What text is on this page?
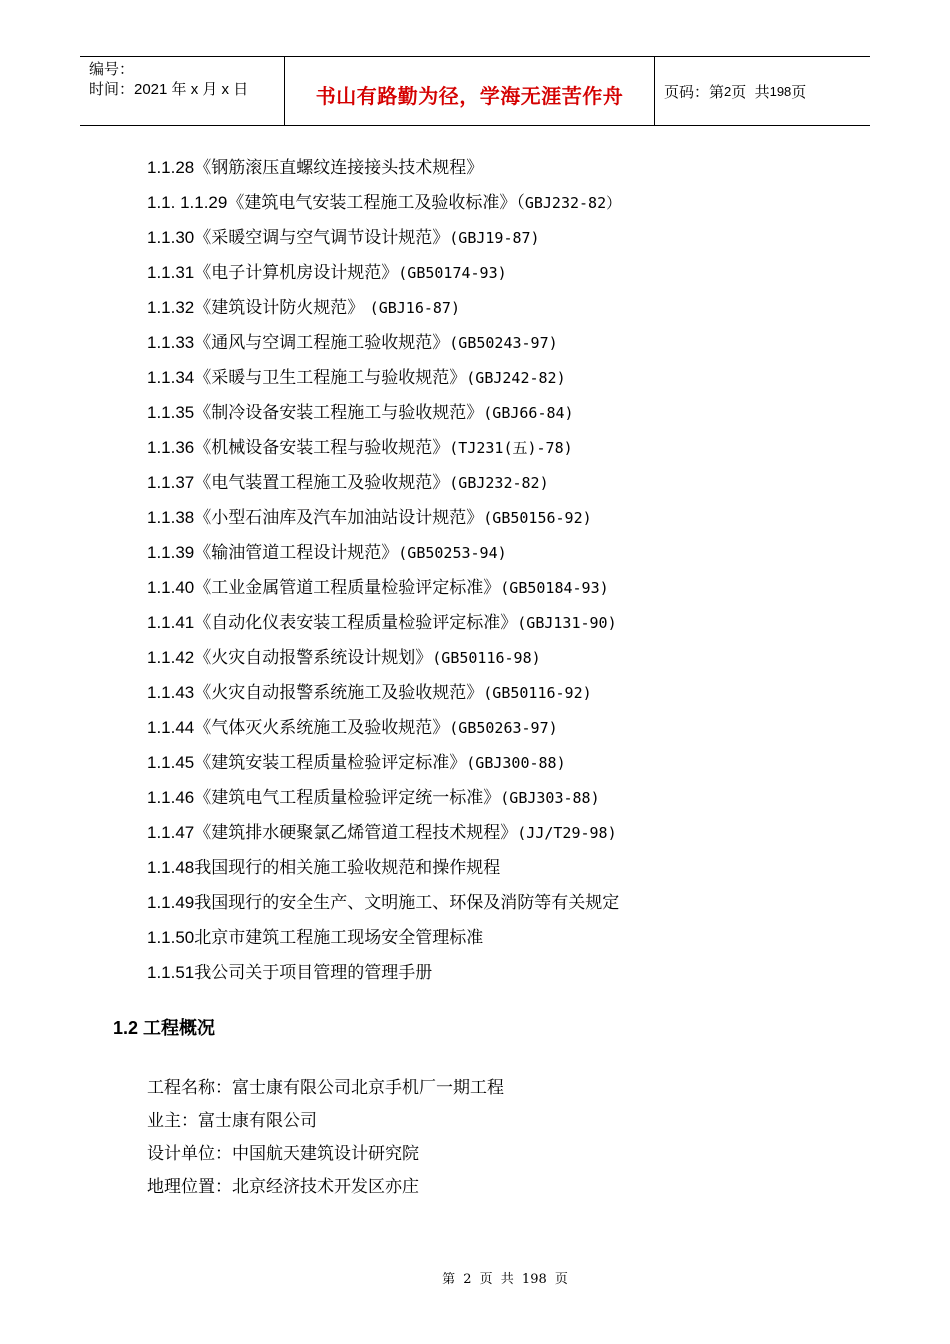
编号：
时间：2021 年 x 月 x 日	书山有路勤为径，学海无涯苦作舟	页码：第 2 页  共 198 页
1.1.28《钢筋滚压直螺纹连接接头技术规程》
1.1. 1.1.29《建筑电气安装工程施工及验收标准》（GBJ232-82）
1.1.30《采暖空调与空气调节设计规范》(GBJ19-87)
1.1.31《电子计算机房设计规范》(GB50174-93)
1.1.32《建筑设计防火规范》 (GBJ16-87)
1.1.33《通风与空调工程施工验收规范》(GB50243-97)
1.1.34《采暖与卫生工程施工与验收规范》(GBJ242-82)
1.1.35《制冷设备安装工程施工与验收规范》(GBJ66-84)
1.1.36《机械设备安装工程与验收规范》(TJ231(五)-78)
1.1.37《电气装置工程施工及验收规范》(GBJ232-82)
1.1.38《小型石油库及汽车加油站设计规范》(GB50156-92)
1.1.39《输油管道工程设计规范》(GB50253-94)
1.1.40《工业金属管道工程质量检验评定标准》(GB50184-93)
1.1.41《自动化仪表安装工程质量检验评定标准》(GBJ131-90)
1.1.42《火灾自动报警系统设计规划》(GB50116-98)
1.1.43《火灾自动报警系统施工及验收规范》(GB50116-92)
1.1.44《气体灭火系统施工及验收规范》(GB50263-97)
1.1.45《建筑安装工程质量检验评定标准》(GBJ300-88)
1.1.46《建筑电气工程质量检验评定统一标准》(GBJ303-88)
1.1.47《建筑排水硬聚氯乙烯管道工程技术规程》(JJ/T29-98)
1.1.48我国现行的相关施工验收规范和操作规程
1.1.49我国现行的安全生产、文明施工、环保及消防等有关规定
1.1.50北京市建筑工程施工现场安全管理标准
1.1.51我公司关于项目管理的管理手册
1.2 工程概况
工程名称：富士康有限公司北京手机厂一期工程
业主：富士康有限公司
设计单位：中国航天建筑设计研究院
地理位置：北京经济技术开发区亦庄
第 2 页 共 198 页
